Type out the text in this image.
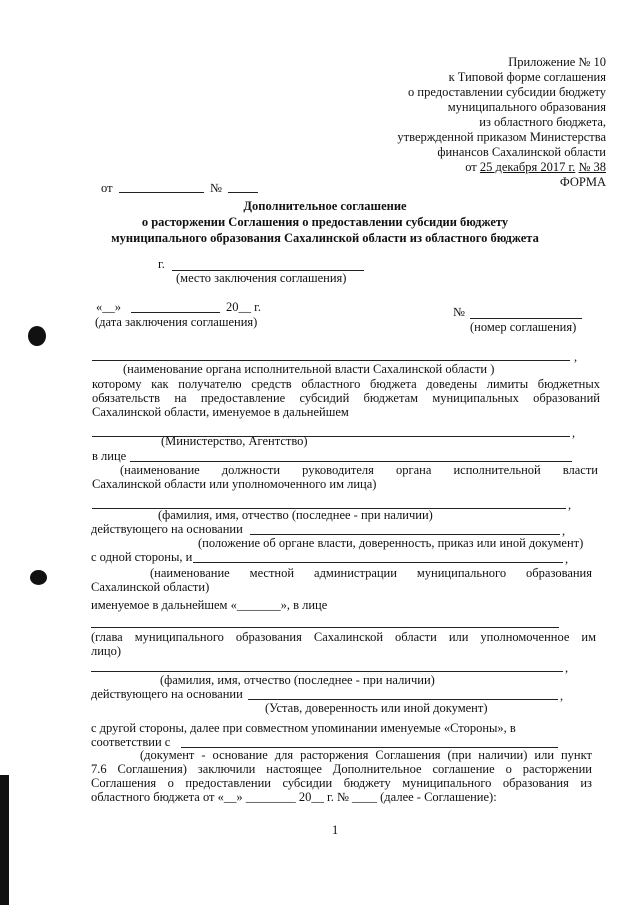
Приложение № 10
к Типовой форме соглашения
о предоставлении субсидии бюджету
муниципального образования
из областного бюджета,
утвержденной приказом Министерства
финансов Сахалинской области
от 25 декабря 2017 г. № 38
ФОРМА
от	№
Дополнительное соглашение
о расторжении Соглашения о предоставлении субсидии бюджету
муниципального образования Сахалинской области из областного бюджета
г.
(место заключения соглашения)
«__»	20__ г.
(дата заключения соглашения)
№
(номер соглашения)
,
(наименование органа исполнительной власти Сахалинской области )
которому как получателю средств областного бюджета доведены лимиты бюджетных
обязательств на предоставление субсидий бюджетам муниципальных образований
Сахалинской области, именуемое в дальнейшем
,
(Министерство, Агентство)
в лице
(наименование должности руководителя органа исполнительной власти
Сахалинской области или уполномоченного им лица)
,
(фамилия, имя, отчество (последнее - при наличии)
действующего на основании	,
(положение об органе власти, доверенность, приказ или иной документ)
с одной стороны, и	,
(наименование местной администрации муниципального образования
Сахалинской области)
именуемое в дальнейшем «_______», в лице
(глава муниципального образования Сахалинской области или уполномоченное им
лицо)
,
(фамилия, имя, отчество (последнее - при наличии)
действующего на основании	,
(Устав, доверенность или иной документ)
с другой стороны, далее при совместном упоминании именуемые «Стороны», в
соответствии с
(документ - основание для расторжения Соглашения (при наличии) или пункт
7.6 Соглашения) заключили настоящее Дополнительное соглашение о расторжении
Соглашения о предоставлении субсидии бюджету муниципального образования из
областного бюджета от «__» ________ 20__ г. № ____ (далее - Соглашение):
1
